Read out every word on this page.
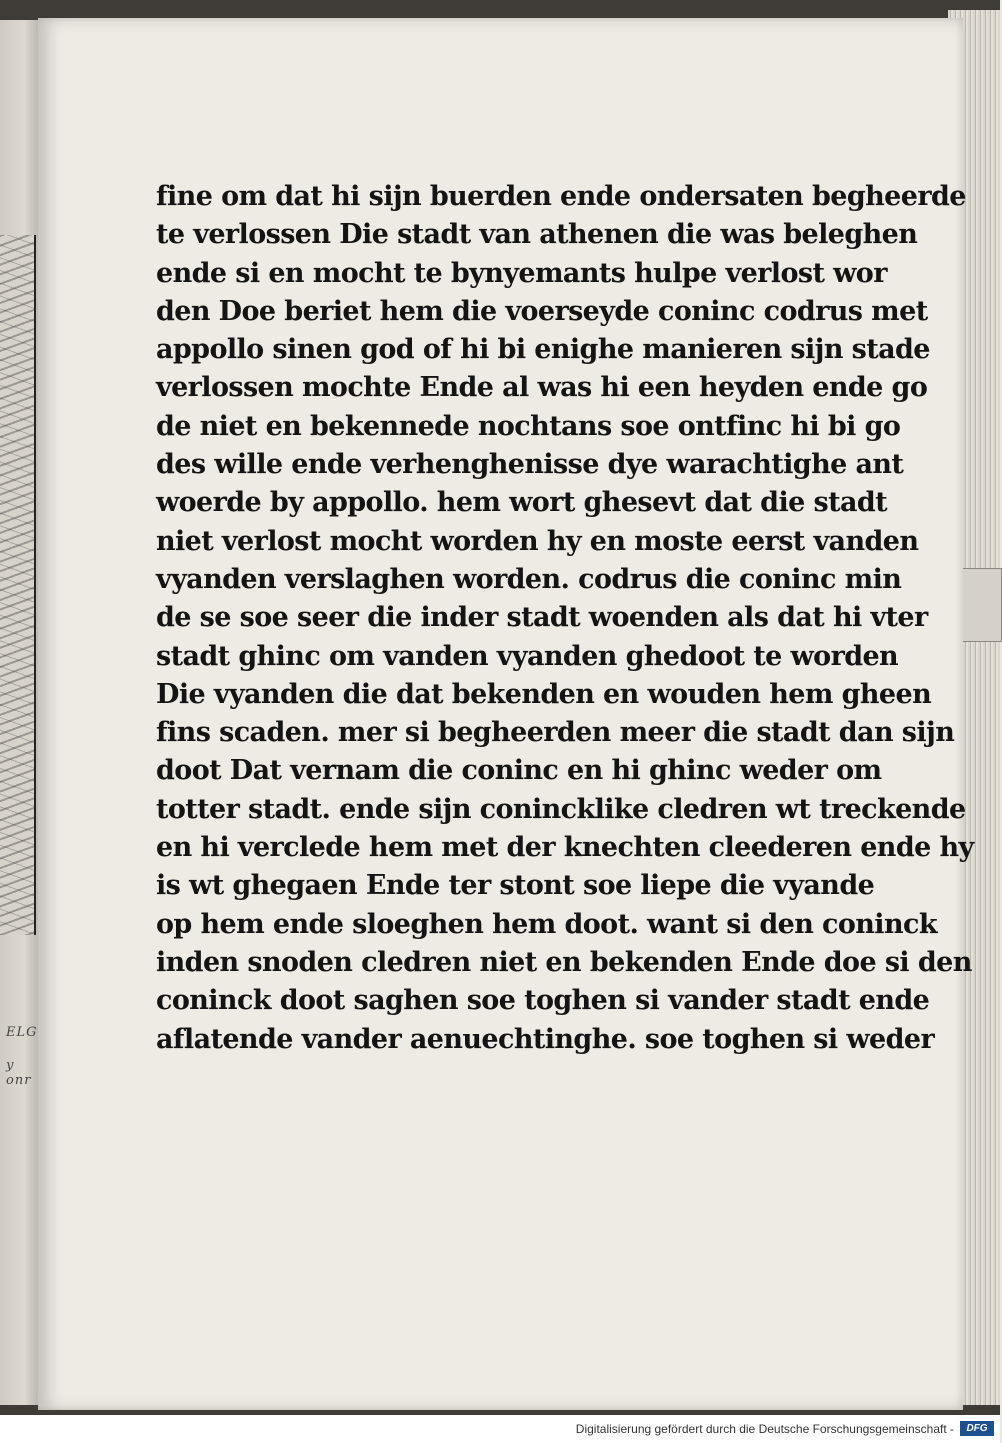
ELG
y onr
fine om dat hi sijn buerden ende ondersaten begheerde
te verlossen Die stadt van athenen die was beleghen
ende si en mocht te bynyemants hulpe verlost wor
den Doe beriet hem die voerseyde coninc codrus met
appollo sinen god of hi bi enighe manieren sijn stade
verlossen mochte Ende al was hi een heyden ende go
de niet en bekennede nochtans soe ontfinc hi bi go
des wille ende verhenghenisse dye warachtighe ant
woerde by appollo. hem wort ghesevt dat die stadt
niet verlost mocht worden hy en moste eerst vanden
vyanden verslaghen worden. codrus die coninc min
de se soe seer die inder stadt woenden als dat hi vter
stadt ghinc om vanden vyanden ghedoot te worden
Die vyanden die dat bekenden en wouden hem gheen
fins scaden. mer si begheerden meer die stadt dan sijn
doot Dat vernam die coninc en hi ghinc weder om
totter stadt. ende sijn conincklike cledren wt treckende
en hi verclede hem met der knechten cleederen ende hy
is wt ghegaen Ende ter stont soe liepe die vyande
op hem ende sloeghen hem doot. want si den coninck
inden snoden cledren niet en bekenden Ende doe si den
coninck doot saghen soe toghen si vander stadt ende
aflatende vander aenuechtinghe. soe toghen si weder
Digitalisierung gefördert durch die Deutsche Forschungsgemeinschaft -	DFG
